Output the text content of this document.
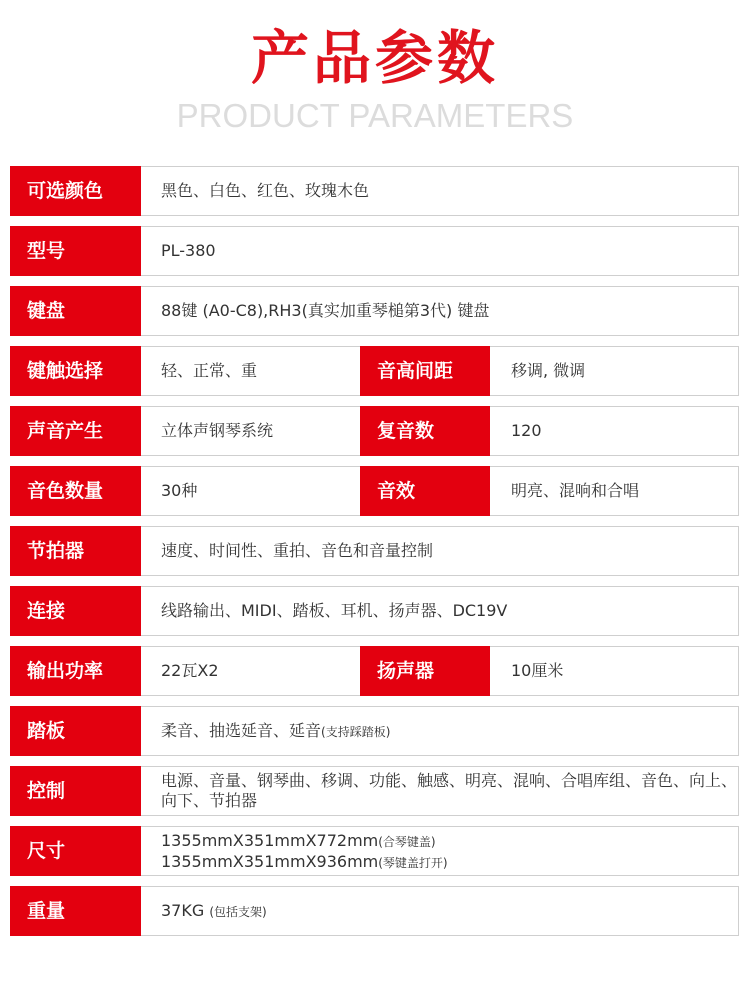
产品参数
PRODUCT PARAMETERS
可选颜色	黑色、白色、红色、玫瑰木色
型号	PL-380
键盘	88键 (A0-C8),RH3(真实加重琴槌第3代) 键盘
键触选择	轻、正常、重	音高间距	移调, 微调
声音产生	立体声钢琴系统	复音数	120
音色数量	30种	音效	明亮、混响和合唱
节拍器	速度、时间性、重拍、音色和音量控制
连接	线路输出、MIDI、踏板、耳机、扬声器、DC19V
输出功率	22瓦X2	扬声器	10厘米
踏板	柔音、抽选延音、延音(支持踩踏板)
控制	电源、音量、钢琴曲、移调、功能、触感、明亮、混响、合唱库组、音色、向上、
向下、节拍器
尺寸	1355mmX351mmX772mm(合琴键盖)
1355mmX351mmX936mm(琴键盖打开)
重量	37KG (包括支架)
